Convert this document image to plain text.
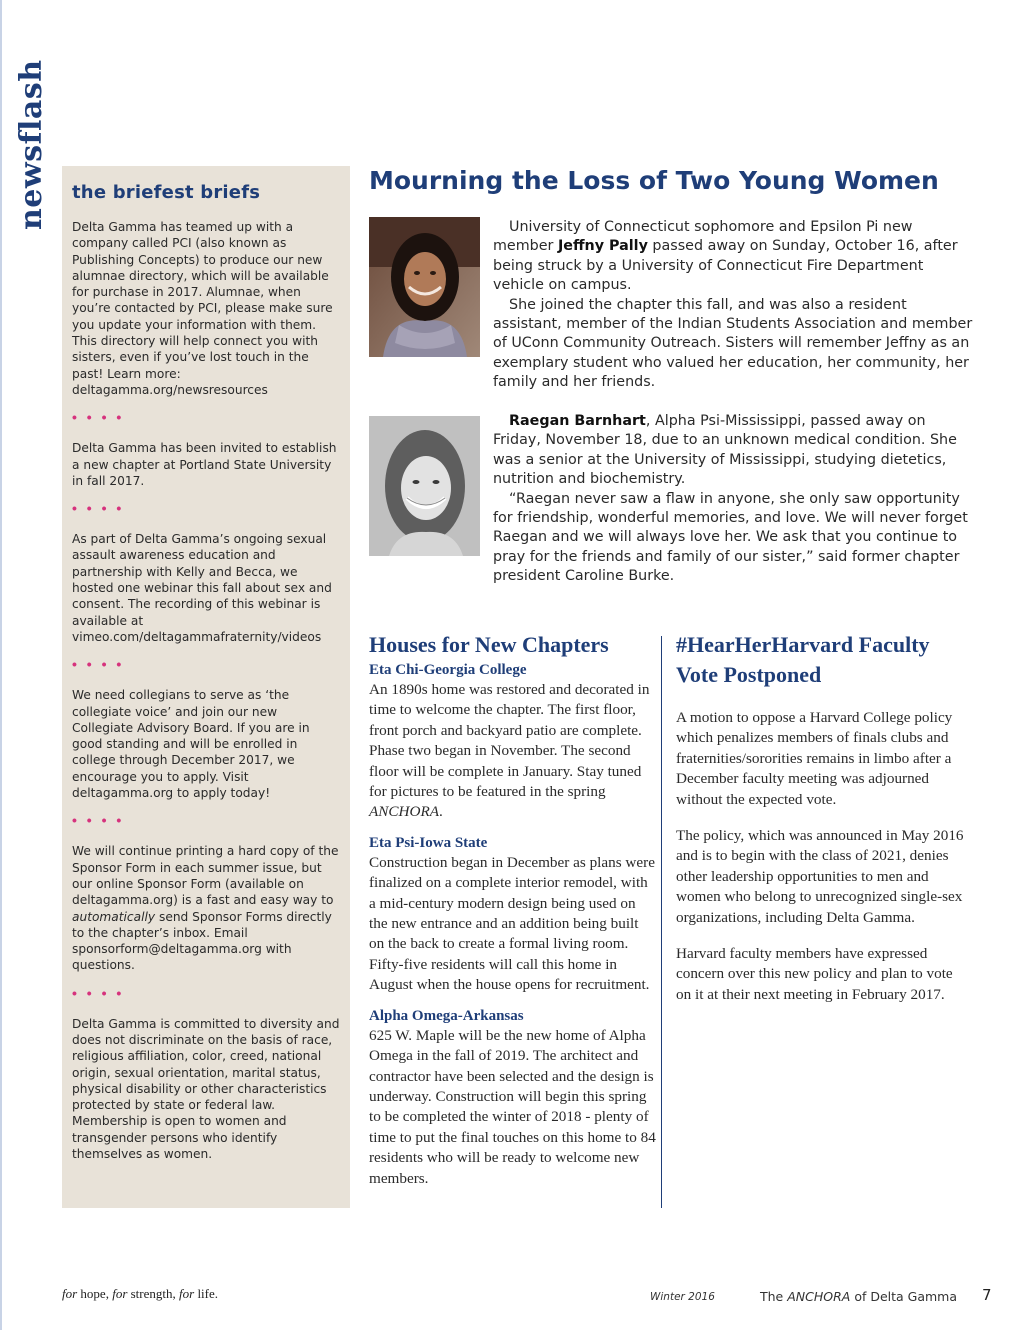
newsflash the briefest briefs

Delta Gamma has teamed up with a company called PCI (also known as Publishing Concepts) to produce our new alumnae directory, which will be available for purchase in 2017. Alumnae, when you’re contacted by PCI, please make sure you update your information with them. This directory will help connect you with sisters, even if you’ve lost touch in the past! Learn more: deltagamma.org/newsresources

• • • •

Delta Gamma has been invited to establish a new chapter at Portland State University in fall 2017.

• • • •

As part of Delta Gamma’s ongoing sexual assault awareness education and partnership with Kelly and Becca, we hosted one webinar this fall about sex and consent. The recording of this webinar is available at vimeo.com/deltagammafraternity/videos

• • • •

We need collegians to serve as ‘the collegiate voice’ and join our new Collegiate Advisory Board. If you are in good standing and will be enrolled in college through December 2017, we encourage you to apply. Visit deltagamma.org to apply today!

• • • •

We will continue printing a hard copy of the Sponsor Form in each summer issue, but our online Sponsor Form (available on deltagamma.org) is a fast and easy way to automatically send Sponsor Forms directly to the chapter’s inbox. Email sponsorform@deltagamma.org with questions.

• • • •

Delta Gamma is committed to diversity and does not discriminate on the basis of race, religious affiliation, color, creed, national origin, sexual orientation, marital status, physical disability or other characteristics protected by state or federal law. Membership is open to women and transgender persons who identify themselves as women.

Mourning the Loss of Two Young Women

University of Connecticut sophomore and Epsilon Pi new member Jeffny Pally passed away on Sunday, October 16, after being struck by a University of Connecticut Fire Department vehicle on campus.

She joined the chapter this fall, and was also a resident assistant, member of the Indian Students Association and member of UConn Community Outreach. Sisters will remember Jeffny as an exemplary student who valued her education, her community, her family and her friends.

Raegan Barnhart, Alpha Psi-Mississippi, passed away on Friday, November 18, due to an unknown medical condition. She was a senior at the University of Mississippi, studying dietetics, nutrition and biochemistry.

“Raegan never saw a flaw in anyone, she only saw opportunity for friendship, wonderful memories, and love. We will never forget Raegan and we will always love her. We ask that you continue to pray for the friends and family of our sister,” said former chapter president Caroline Burke.

Houses for New Chapters
Eta Chi-Georgia College

An 1890s home was restored and decorated in time to welcome the chapter. The first floor, front porch and backyard patio are complete. Phase two began in November. The second floor will be complete in January. Stay tuned for pictures to be featured in the spring ANCHORA.

Eta Psi-Iowa State

Construction began in December as plans were finalized on a complete interior remodel, with a mid-century modern design being used on the new entrance and an addition being built on the back to create a formal living room. Fifty-five residents will call this home in August when the house opens for recruitment.

Alpha Omega-Arkansas

625 W. Maple will be the new home of Alpha Omega in the fall of 2019. The architect and contractor have been selected and the design is underway. Construction will begin this spring to be completed the winter of 2018 - plenty of time to put the final touches on this home to 84 residents who will be ready to welcome new members.

#HearHerHarvard Faculty
Vote Postponed

A motion to oppose a Harvard College policy which penalizes members of finals clubs and fraternities/sororities remains in limbo after a December faculty meeting was adjourned without the expected vote.

The policy, which was announced in May 2016 and is to begin with the class of 2021, denies other leadership opportunities to men and women who belong to unrecognized single-sex organizations, including Delta Gamma.

Harvard faculty members have expressed concern over this new policy and plan to vote on it at their next meeting in February 2017.

for hope, for strength, for life.	Winter 2016	The ANCHORA of Delta Gamma 7
